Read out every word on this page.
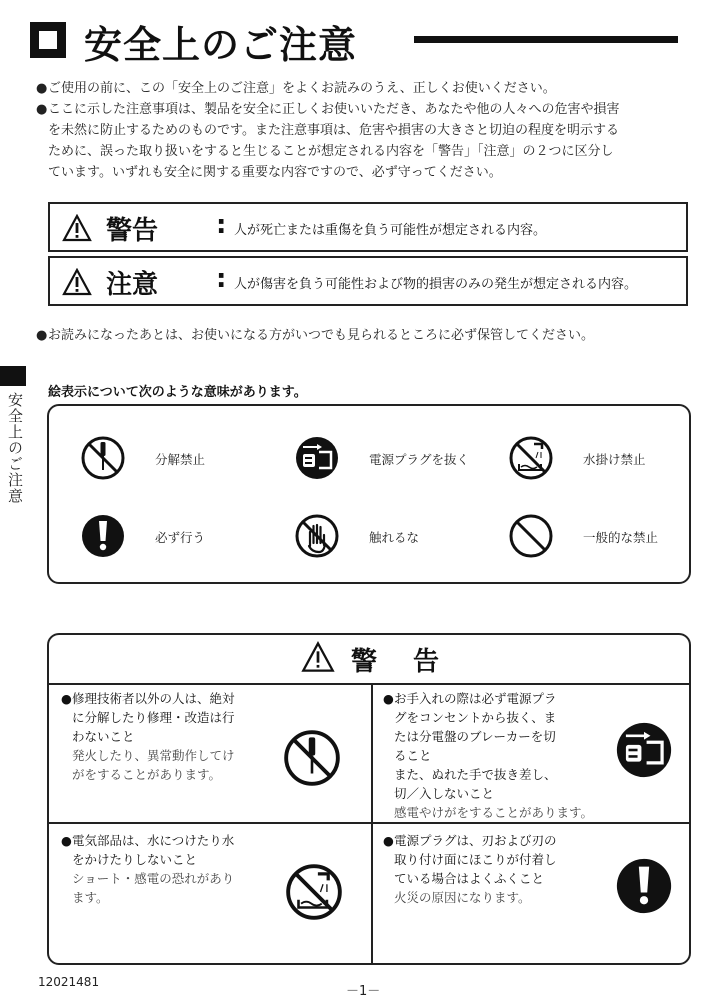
安全上のご注意
● ご使用の前に、この「安全上のご注意」をよくお読みのうえ、正しくお使いください。
● ここに示した注意事項は、製品を安全に正しくお使いいただき、あなたや他の人々への危害や損害
を未然に防止するためのものです。また注意事項は、危害や損害の大きさと切迫の程度を明示する
ために、誤った取り扱いをすると生じることが想定される内容を「警告」「注意」の２つに区分し
ています。いずれも安全に関する重要な内容ですので、必ず守ってください。
警告 : 人が死亡または重傷を負う可能性が想定される内容。
注意 : 人が傷害を負う可能性および物的損害のみの発生が想定される内容。
● お読みになったあとは、お使いになる方がいつでも見られるところに必ず保管してください。
安全上のご注意 絵表示について次のような意味があります。
分解禁止	電源プラグを抜く	水掛け禁止
必ず行う	触れるな	一般的な禁止
警告
● 修理技術者以外の人は、絶対
に分解したり修理・改造は行
わないこと
発火したり、異常動作してけ
がをすることがあります。
● お手入れの際は必ず電源プラ
グをコンセントから抜く、ま
たは分電盤のブレーカーを切
ること
また、ぬれた手で抜き差し、
切／入しないこと
感電やけがをすることがあります。
● 電気部品は、水につけたり水
をかけたりしないこと
ショート・感電の恐れがあり
ます。
● 電源プラグは、刃および刃の
取り付け面にほこりが付着し
ている場合はよくふくこと
火災の原因になります。
12021481
－1－
